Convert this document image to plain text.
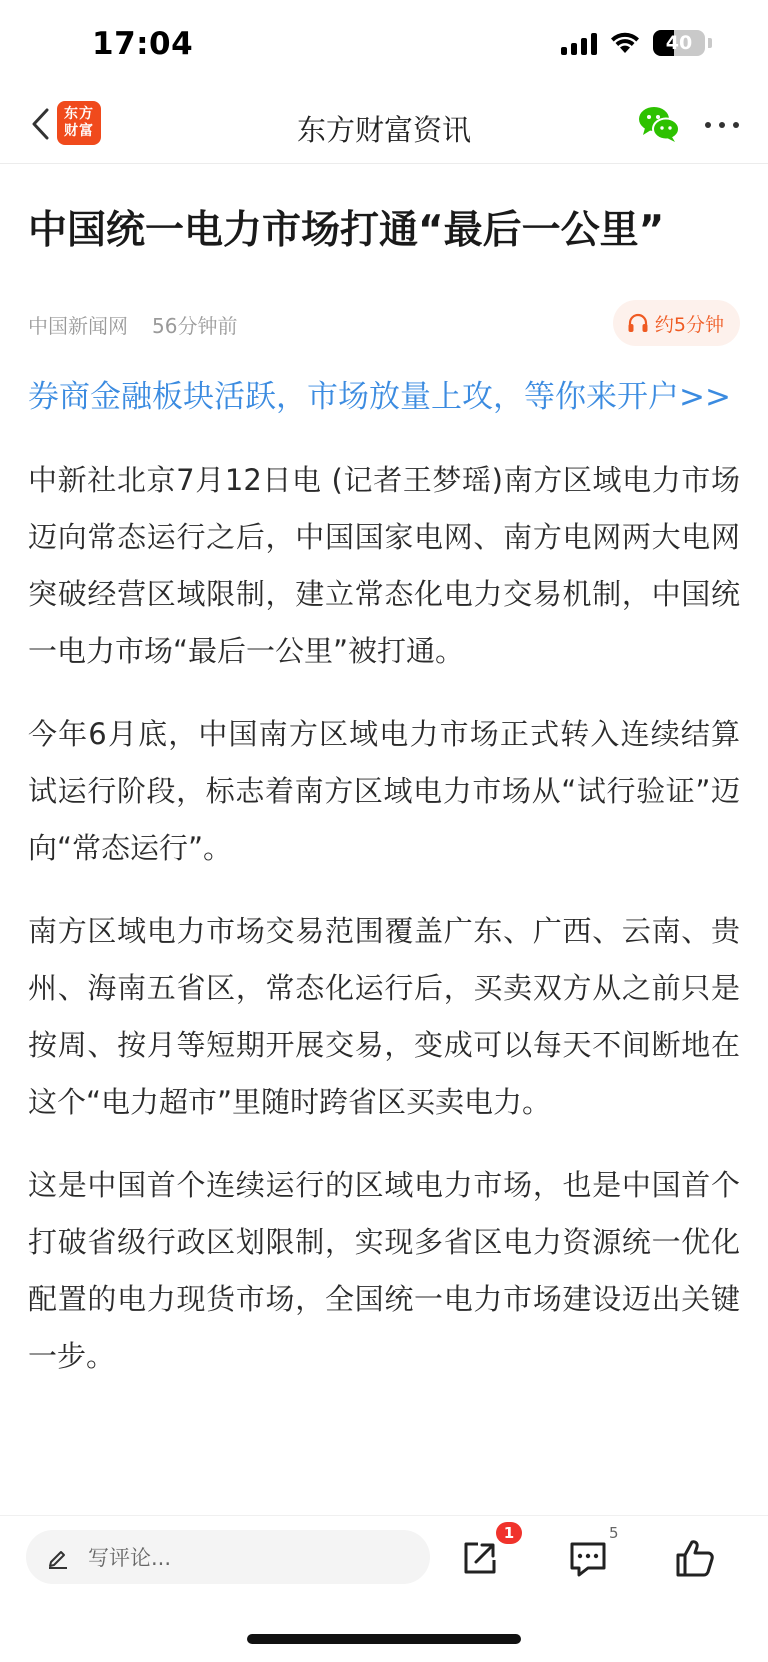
17:04	40
东方财富	东方财富资讯
中国统一电力市场打通“最后一公里”
中国新闻网 56分钟前	约5分钟
券商金融板块活跃，市场放量上攻，等你来开户>>

中新社北京7月12日电 (记者王梦瑶)南方区域电力市场迈向常态运行之后，中国国家电网、南方电网两大电网突破经营区域限制，建立常态化电力交易机制，中国统一电力市场“最后一公里”被打通。

今年6月底，中国南方区域电力市场正式转入连续结算试运行阶段，标志着南方区域电力市场从“试行验证”迈向“常态运行”。

南方区域电力市场交易范围覆盖广东、广西、云南、贵州、海南五省区，常态化运行后，买卖双方从之前只是按周、按月等短期开展交易，变成可以每天不间断地在这个“电力超市”里随时跨省区买卖电力。

这是中国首个连续运行的区域电力市场，也是中国首个打破省级行政区划限制，实现多省区电力资源统一优化配置的电力现货市场，全国统一电力市场建设迈出关键一步。

写评论...
1	5
